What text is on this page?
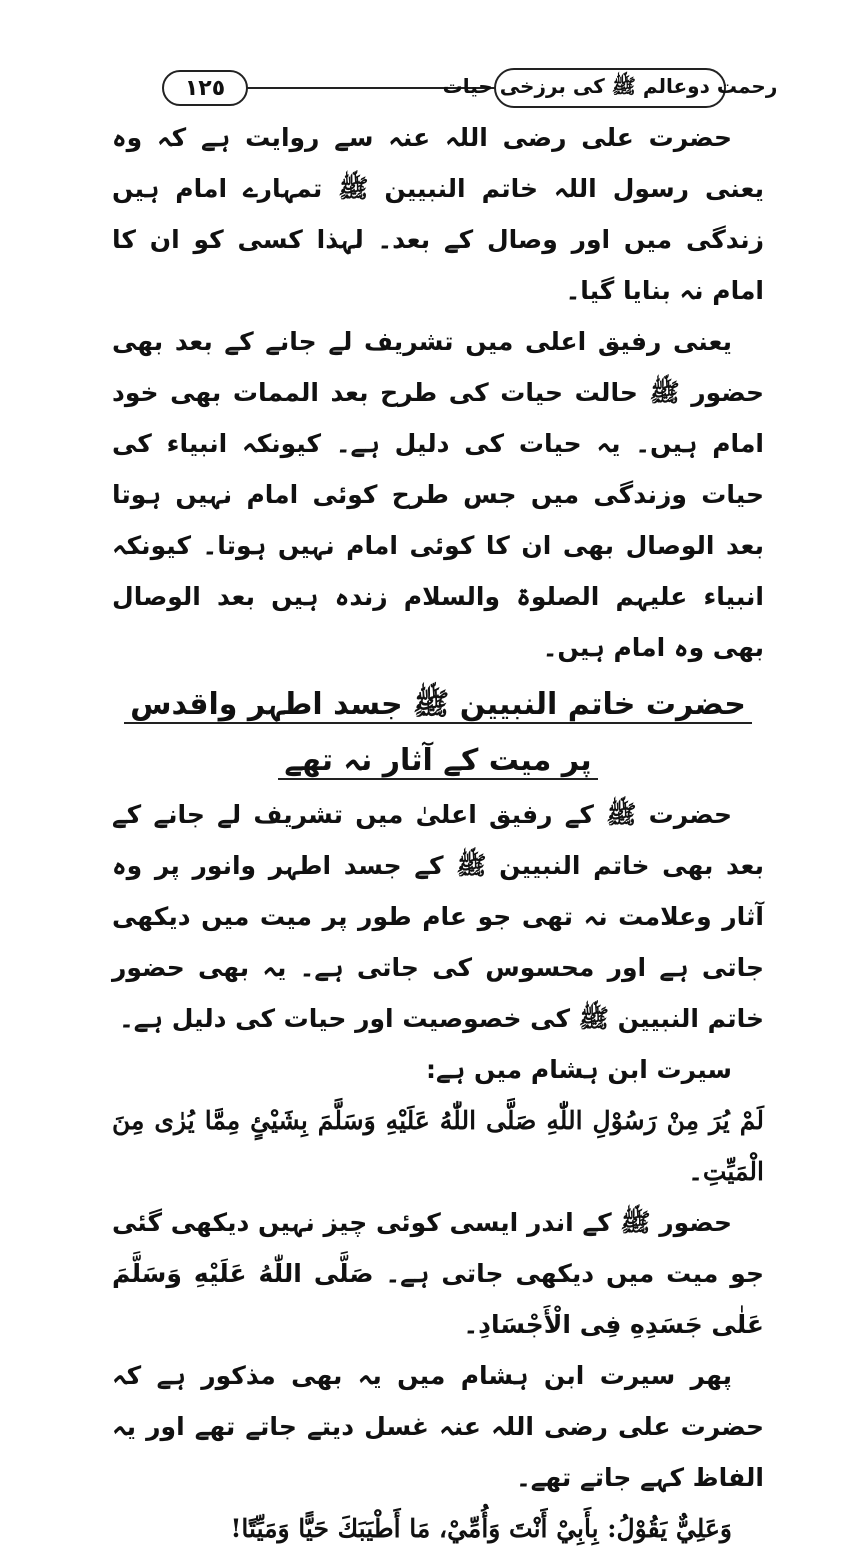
١٢٥	رحمت دوعالم ﷺ کی برزخی حیات

حضرت علی رضی اللہ عنہ سے روایت ہے کہ وہ یعنی رسول اللہ خاتم النبیین ﷺ تمہارے امام ہیں زندگی میں اور وصال کے بعد۔ لہذا کسی کو ان کا امام نہ بنایا گیا۔

یعنی رفیق اعلی میں تشریف لے جانے کے بعد بھی حضور ﷺ حالت حیات کی طرح بعد الممات بھی خود امام ہیں۔ یہ حیات کی دلیل ہے۔ کیونکہ انبیاء کی حیات وزندگی میں جس طرح کوئی امام نہیں ہوتا بعد الوصال بھی ان کا کوئی امام نہیں ہوتا۔ کیونکہ انبیاء علیہم الصلوۃ والسلام زندہ ہیں بعد الوصال بھی وہ امام ہیں۔

حضرت خاتم النبیین ﷺ جسد اطہر واقدس

پر میت کے آثار نہ تھے

حضرت ﷺ کے رفیق اعلیٰ میں تشریف لے جانے کے بعد بھی خاتم النبیین ﷺ کے جسد اطہر وانور پر وہ آثار وعلامت نہ تھی جو عام طور پر میت میں دیکھی جاتی ہے اور محسوس کی جاتی ہے۔ یہ بھی حضور خاتم النبیین ﷺ کی خصوصیت اور حیات کی دلیل ہے۔

سیرت ابن ہشام میں ہے:

لَمْ يُرَ مِنْ رَسُوْلِ اللّٰهِ صَلَّى اللّٰهُ عَلَيْهِ وَسَلَّمَ بِشَيْئٍ مِمَّا يُرٰى مِنَ الْمَيِّتِ۔

حضور ﷺ کے اندر ایسی کوئی چیز نہیں دیکھی گئی جو میت میں دیکھی جاتی ہے۔ صَلَّى اللّٰهُ عَلَيْهِ وَسَلَّمَ عَلٰى جَسَدِهِ فِى الْأَجْسَادِ۔

پھر سیرت ابن ہشام میں یہ بھی مذکور ہے کہ حضرت علی رضی اللہ عنہ غسل دیتے جاتے تھے اور یہ الفاظ کہے جاتے تھے۔

وَعَلِيٌّ يَقُوْلُ: بِأَبِيْ أَنْتَ وَأُمِّيْ، مَا أَطْيَبَكَ حَيًّا وَمَيِّتًا!
